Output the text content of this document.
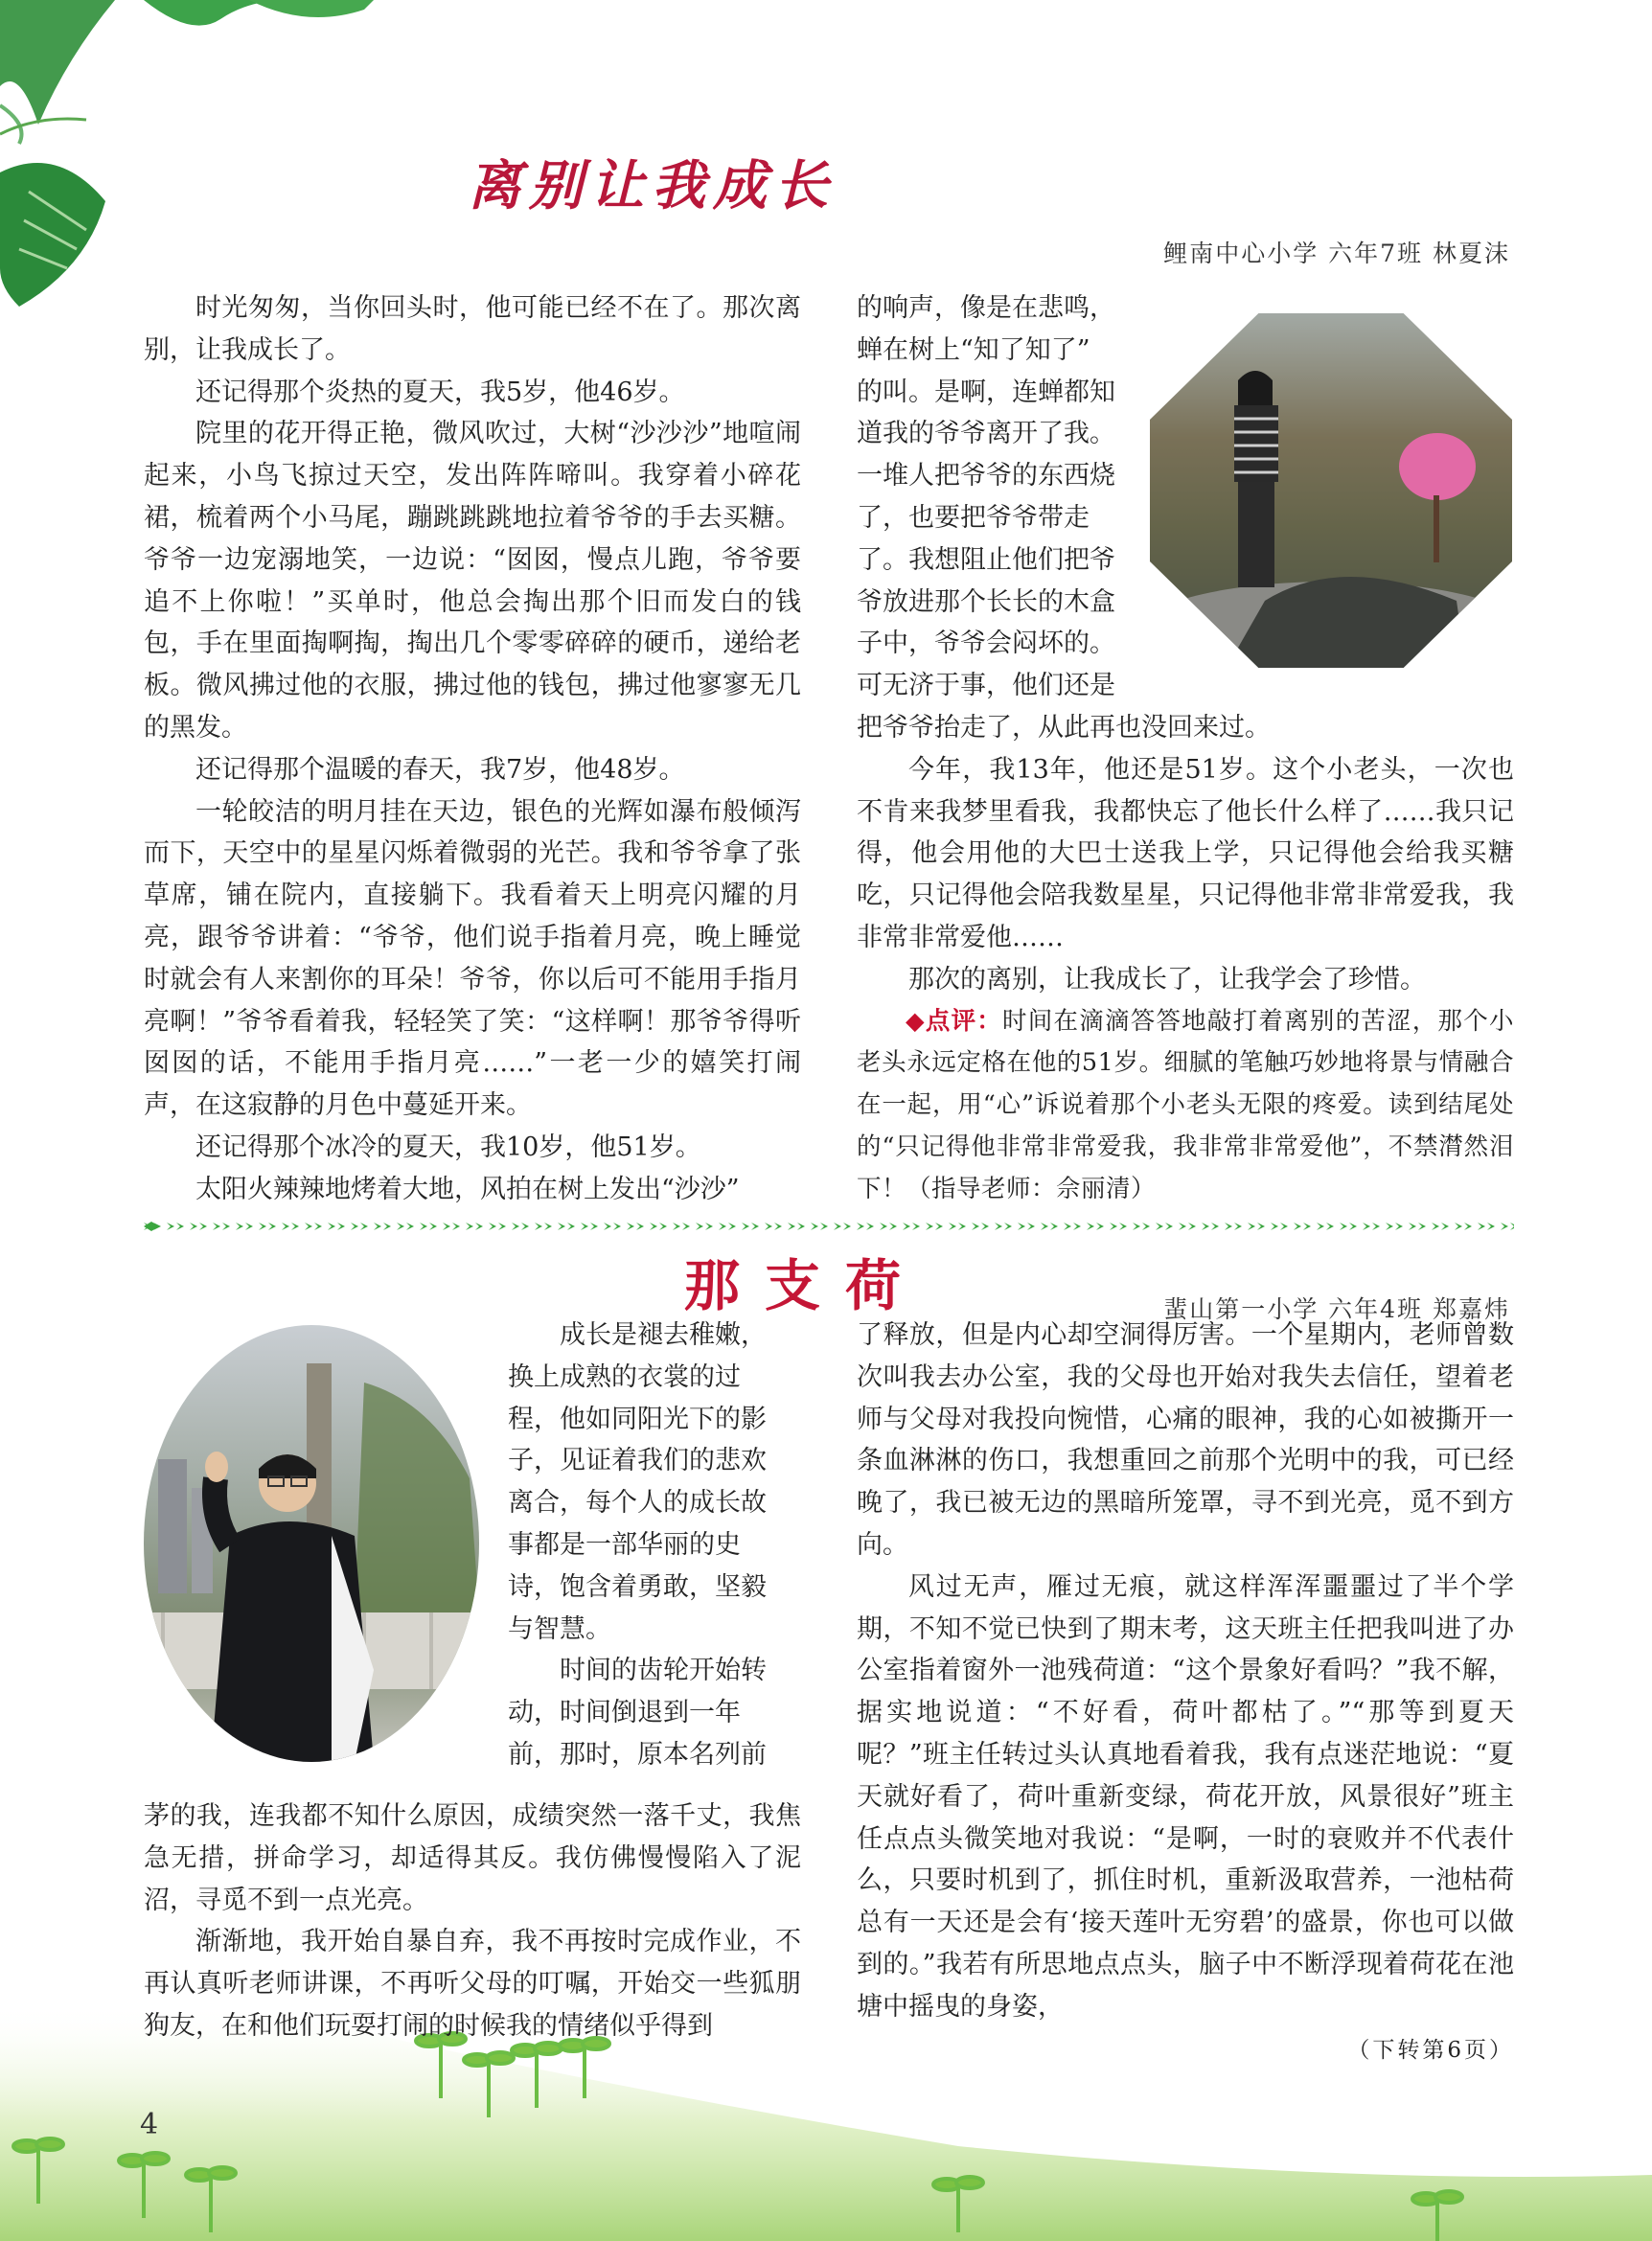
离别让我成长
鲤南中心小学 六年7班 林夏沫

时光匆匆，当你回头时，他可能已经不在了。那次离别，让我成长了。

还记得那个炎热的夏天，我5岁，他46岁。

院里的花开得正艳，微风吹过，大树“沙沙沙”地喧闹起来，小鸟飞掠过天空，发出阵阵啼叫。我穿着小碎花裙，梳着两个小马尾，蹦跳跳跳地拉着爷爷的手去买糖。爷爷一边宠溺地笑，一边说：“囡囡，慢点儿跑，爷爷要追不上你啦！”买单时，他总会掏出那个旧而发白的钱包，手在里面掏啊掏，掏出几个零零碎碎的硬币，递给老板。微风拂过他的衣服，拂过他的钱包，拂过他寥寥无几的黑发。

还记得那个温暖的春天，我7岁，他48岁。

一轮皎洁的明月挂在天边，银色的光辉如瀑布般倾泻而下，天空中的星星闪烁着微弱的光芒。我和爷爷拿了张草席，铺在院内，直接躺下。我看着天上明亮闪耀的月亮，跟爷爷讲着：“爷爷，他们说手指着月亮，晚上睡觉时就会有人来割你的耳朵！爷爷，你以后可不能用手指月亮啊！”爷爷看着我，轻轻笑了笑：“这样啊！那爷爷得听囡囡的话，不能用手指月亮……”一老一少的嬉笑打闹声，在这寂静的月色中蔓延开来。

还记得那个冰冷的夏天，我10岁，他51岁。

太阳火辣辣地烤着大地，风拍在树上发出“沙沙”

的响声，像是在悲鸣，
蝉在树上“知了知了”
的叫。是啊，连蝉都知
道我的爷爷离开了我。
一堆人把爷爷的东西烧
了，也要把爷爷带走
了。我想阻止他们把爷
爷放进那个长长的木盒
子中，爷爷会闷坏的。
可无济于事，他们还是
把爷爷抬走了，从此再也没回来过。

今年，我13年，他还是51岁。这个小老头，一次也不肯来我梦里看我，我都快忘了他长什么样了……我只记得，他会用他的大巴士送我上学，只记得他会给我买糖吃，只记得他会陪我数星星，只记得他非常非常爱我，我非常非常爱他……

那次的离别，让我成长了，让我学会了珍惜。

◆点评：时间在滴滴答答地敲打着离别的苦涩，那个小老头永远定格在他的51岁。细腻的笔触巧妙地将景与情融合在一起，用“心”诉说着那个小老头无限的疼爱。读到结尾处的“只记得他非常非常爱我，我非常非常爱他”，不禁潸然泪下！（指导老师：佘丽清）

那支荷	蜚山第一小学 六年4班 郑嘉炜
成长是褪去稚嫩，
换上成熟的衣裳的过
程，他如同阳光下的影
子，见证着我们的悲欢
离合，每个人的成长故
事都是一部华丽的史
诗，饱含着勇敢，坚毅
与智慧。
时间的齿轮开始转
动，时间倒退到一年
前，那时，原本名列前

茅的我，连我都不知什么原因，成绩突然一落千丈，我焦急无措，拼命学习，却适得其反。我仿佛慢慢陷入了泥沼，寻觅不到一点光亮。

渐渐地，我开始自暴自弃，我不再按时完成作业，不再认真听老师讲课，不再听父母的叮嘱，开始交一些狐朋狗友，在和他们玩耍打闹的时候我的情绪似乎得到

了释放，但是内心却空洞得厉害。一个星期内，老师曾数次叫我去办公室，我的父母也开始对我失去信任，望着老师与父母对我投向惋惜，心痛的眼神，我的心如被撕开一条血淋淋的伤口，我想重回之前那个光明中的我，可已经晚了，我已被无边的黑暗所笼罩，寻不到光亮，觅不到方向。

风过无声，雁过无痕，就这样浑浑噩噩过了半个学期，不知不觉已快到了期末考，这天班主任把我叫进了办公室指着窗外一池残荷道：“这个景象好看吗？”我不解，据实地说道：“不好看，荷叶都枯了。”“那等到夏天呢？”班主任转过头认真地看着我，我有点迷茫地说：“夏天就好看了，荷叶重新变绿，荷花开放，风景很好”班主任点点头微笑地对我说：“是啊，一时的衰败并不代表什么，只要时机到了，抓住时机，重新汲取营养，一池枯荷总有一天还是会有‘接天莲叶无穷碧’的盛景，你也可以做到的。”我若有所思地点点头，脑子中不断浮现着荷花在池塘中摇曳的身姿，

（下转第6页）
4
